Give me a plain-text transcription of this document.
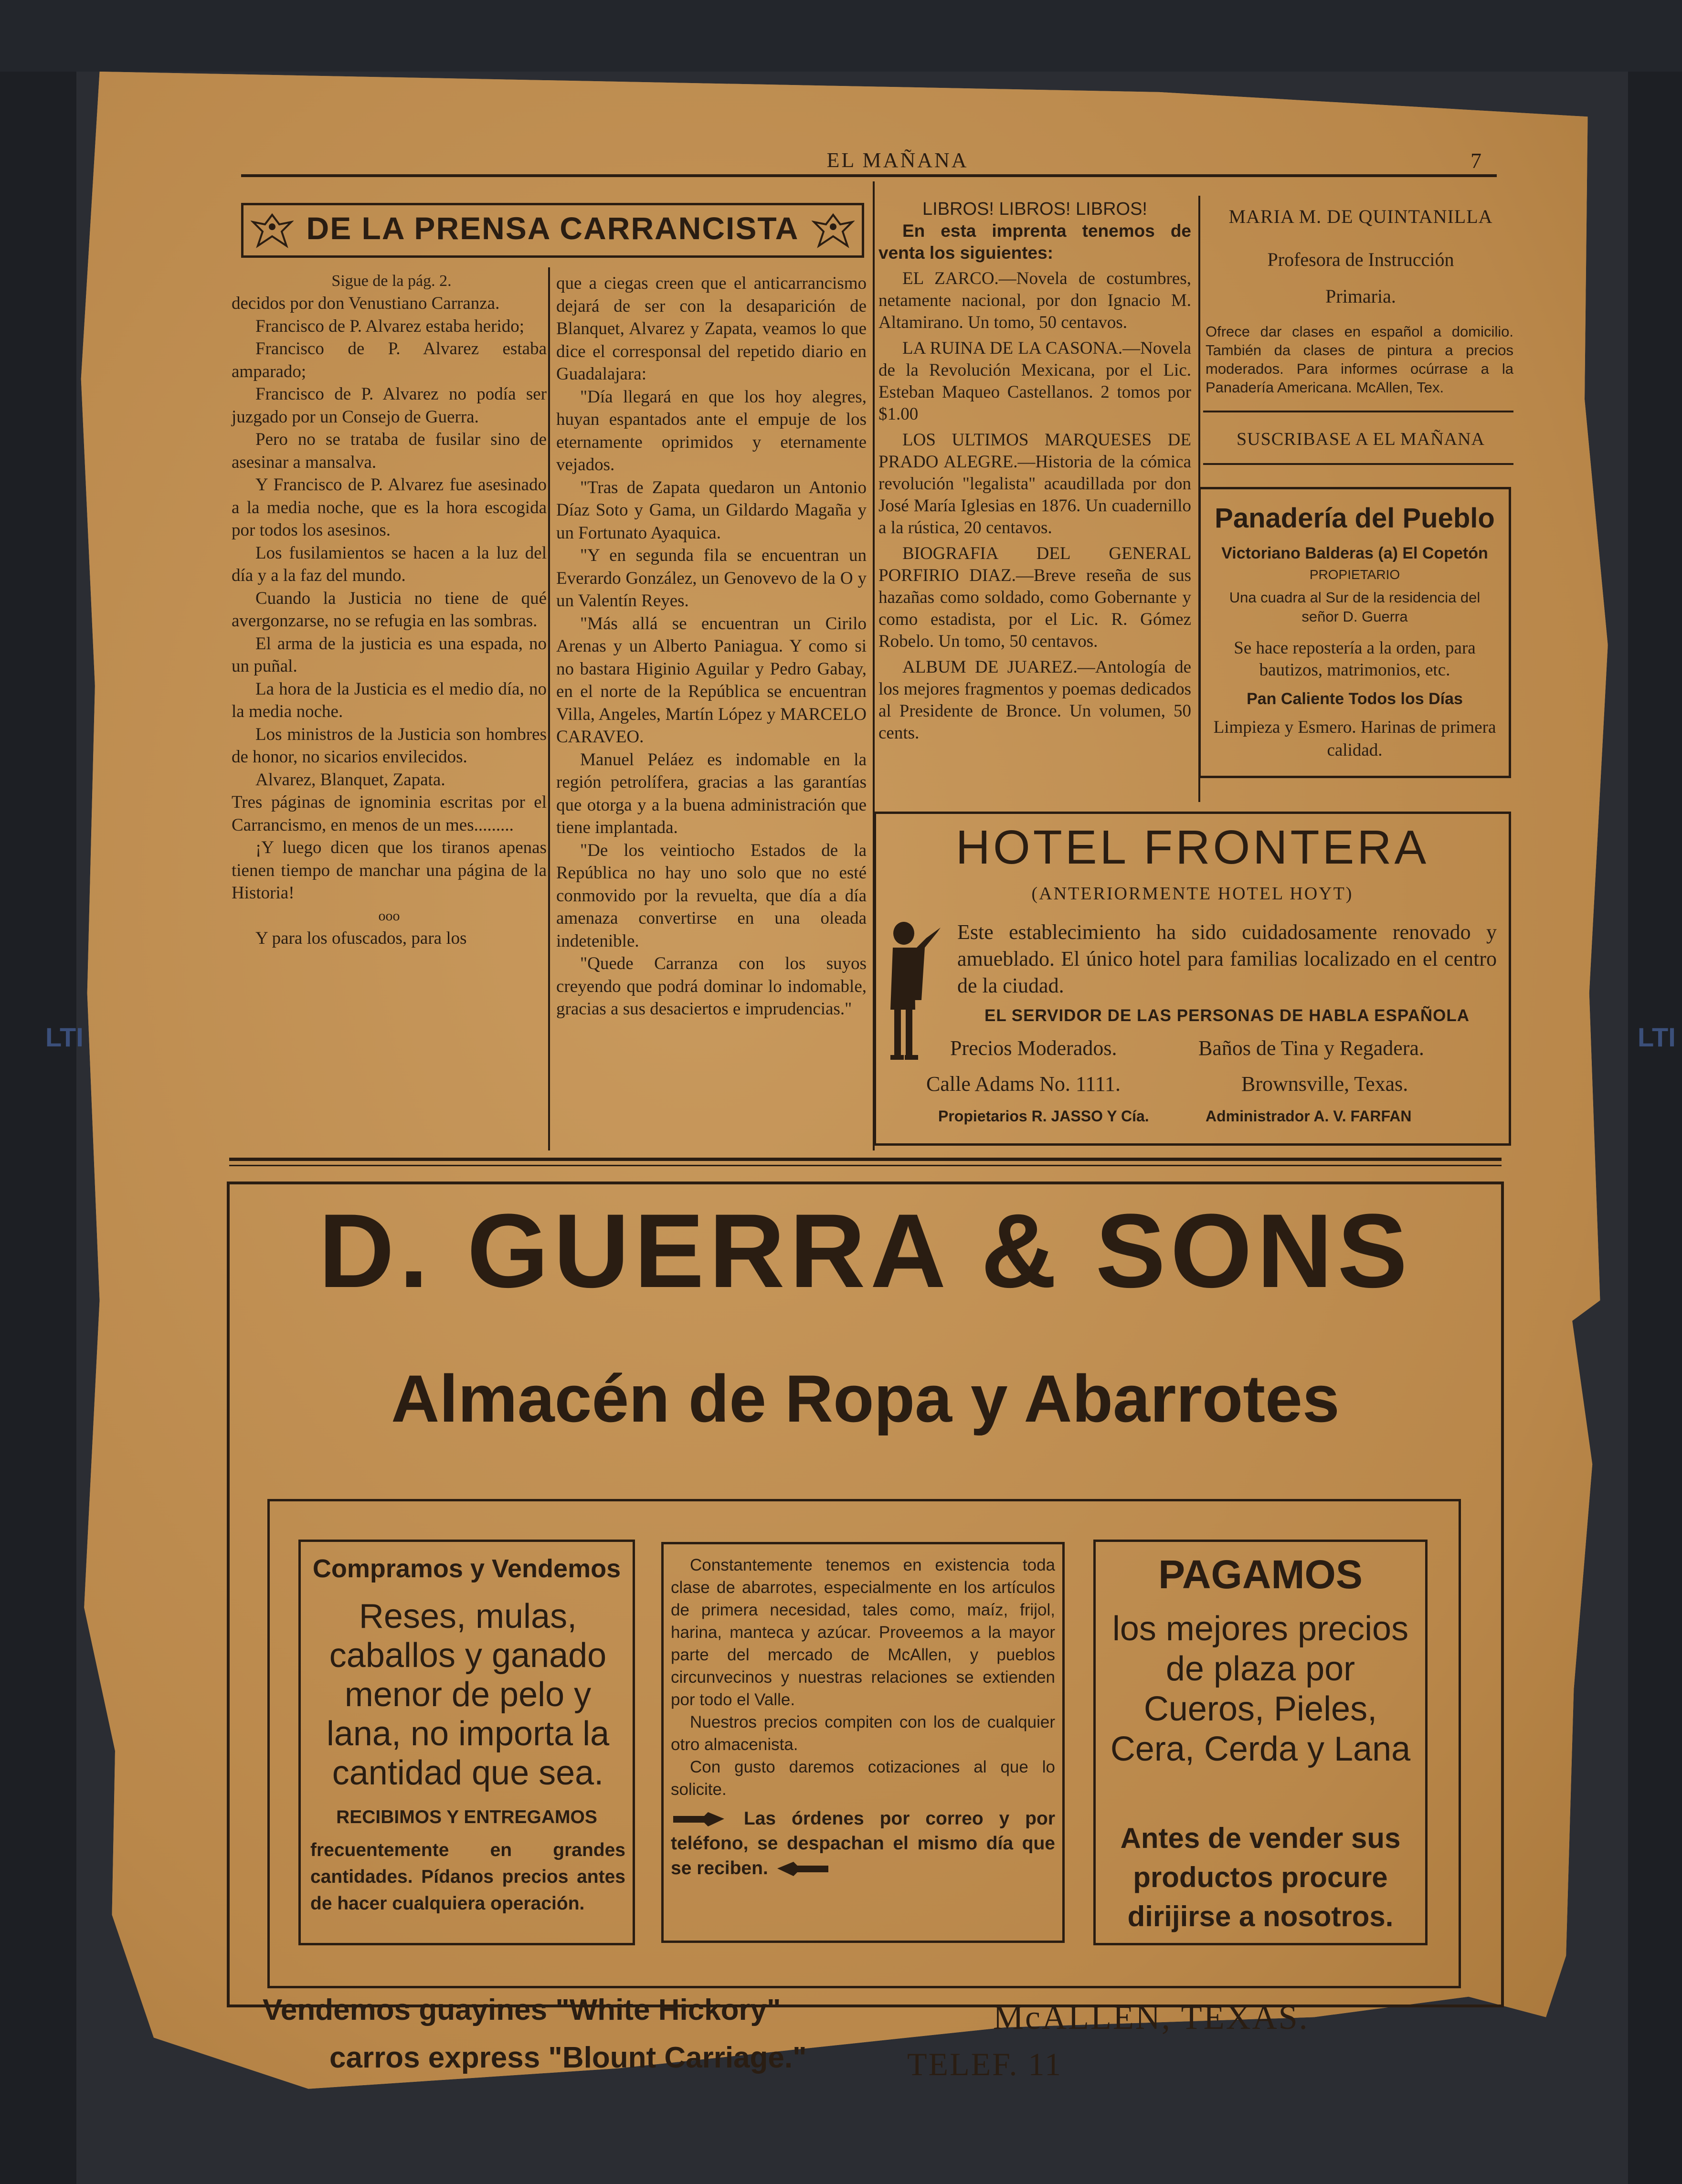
LTI	LTI
EL MAÑANA	7
DE LA PRENSA CARRANCISTA
Sigue de la pág. 2.

decidos por don Venustiano Carranza.

Francisco de P. Alvarez estaba herido;

Francisco de P. Alvarez estaba amparado;

Francisco de P. Alvarez no podía ser juzgado por un Consejo de Guerra.

Pero no se trataba de fusilar sino de asesinar a mansalva.

Y Francisco de P. Alvarez fue asesinado a la media noche, que es la hora escogida por todos los asesinos.

Los fusilamientos se hacen a la luz del día y a la faz del mundo.

Cuando la Justicia no tiene de qué avergonzarse, no se refugia en las sombras.

El arma de la justicia es una espada, no un puñal.

La hora de la Justicia es el medio día, no la media noche.

Los ministros de la Justicia son hombres de honor, no sicarios envilecidos.

Alvarez, Blanquet, Zapata.

Tres páginas de ignominia escritas por el Carrancismo, en menos de un mes.........

¡Y luego dicen que los tiranos apenas tienen tiempo de manchar una página de la Historia!

ooo

Y para los ofuscados, para los

que a ciegas creen que el anticarrancismo dejará de ser con la desaparición de Blanquet, Alvarez y Zapata, veamos lo que dice el corresponsal del repetido diario en Guadalajara:

"Día llegará en que los hoy alegres, huyan espantados ante el empuje de los eternamente oprimidos y eternamente vejados.

"Tras de Zapata quedaron un Antonio Díaz Soto y Gama, un Gildardo Magaña y un Fortunato Ayaquica.

"Y en segunda fila se encuentran un Everardo González, un Genovevo de la O y un Valentín Reyes.

"Más allá se encuentran un Cirilo Arenas y un Alberto Paniagua. Y como si no bastara Higinio Aguilar y Pedro Gabay, en el norte de la República se encuentran Villa, Angeles, Martín López y MARCELO CARAVEO.

Manuel Peláez es indomable en la región petrolífera, gracias a las garantías que otorga y a la buena administración que tiene implantada.

"De los veintiocho Estados de la República no hay uno solo que no esté conmovido por la revuelta, que día a día amenaza convertirse en una oleada indetenible.

"Quede Carranza con los suyos creyendo que podrá dominar lo indomable, gracias a sus desaciertos e imprudencias."

LIBROS! LIBROS! LIBROS!
En esta imprenta tenemos de venta los siguientes:
EL ZARCO.—Novela de costumbres, netamente nacional, por don Ignacio M. Altamirano. Un tomo, 50 centavos.
LA RUINA DE LA CASONA.—Novela de la Revolución Mexicana, por el Lic. Esteban Maqueo Castellanos. 2 tomos por $1.00
LOS ULTIMOS MARQUESES DE PRADO ALEGRE.—Historia de la cómica revolución "legalista" acaudillada por don José María Iglesias en 1876. Un cuadernillo a la rústica, 20 centavos.
BIOGRAFIA DEL GENERAL PORFIRIO DIAZ.—Breve reseña de sus hazañas como soldado, como Gobernante y como estadista, por el Lic. R. Gómez Robelo. Un tomo, 50 centavos.
ALBUM DE JUAREZ.—Antología de los mejores fragmentos y poemas dedicados al Presidente de Bronce. Un volumen, 50 cents.
MARIA M. DE QUINTANILLA
Profesora de Instrucción
Primaria.
Ofrece dar clases en español a domicilio. También da clases de pintura a precios moderados. Para informes ocúrrase a la Panadería Americana. McAllen, Tex.
SUSCRIBASE A EL MAÑANA
Panadería del Pueblo
Victoriano Balderas (a) El Copetón
PROPIETARIO
Una cuadra al Sur de la residencia del señor D. Guerra
Se hace repostería a la orden, para bautizos, matrimonios, etc.
Pan Caliente Todos los Días
Limpieza y Esmero. Harinas de primera calidad.
HOTEL FRONTERA
(ANTERIORMENTE HOTEL HOYT)
Este establecimiento ha sido cuidadosamente renovado y amueblado. El único hotel para familias localizado en el centro de la ciudad.
EL SERVIDOR DE LAS PERSONAS DE HABLA ESPAÑOLA
Precios Moderados.	Baños de Tina y Regadera.
Calle Adams No. 1111.	Brownsville, Texas.
Propietarios R. JASSO Y Cía.	Administrador A. V. FARFAN
D. GUERRA & SONS
Almacén de Ropa y Abarrotes
Compramos y Vendemos
Reses, mulas, caballos y ganado menor de pelo y lana, no importa la cantidad que sea.
RECIBIMOS Y ENTREGAMOS
frecuentemente en grandes cantidades. Pídanos precios antes de hacer cualquiera operación.
Constantemente tenemos en existencia toda clase de abarrotes, especialmente en los artículos de primera necesidad, tales como, maíz, frijol, harina, manteca y azúcar. Proveemos a la mayor parte del mercado de McAllen, y pueblos circunvecinos y nuestras relaciones se extienden por todo el Valle.
Nuestros precios compiten con los de cualquier otro almacenista.
Con gusto daremos cotizaciones al que lo solicite.
Las órdenes por correo y por teléfono, se despachan el mismo día que se reciben.
PAGAMOS
los mejores precios de plaza por Cueros, Pieles, Cera, Cerda y Lana
Antes de vender sus productos procure dirijirse a nosotros.
Vendemos guayines "White Hickory"
carros express "Blount Carriage."
McALLEN, TEXAS.
TELEF. 11
